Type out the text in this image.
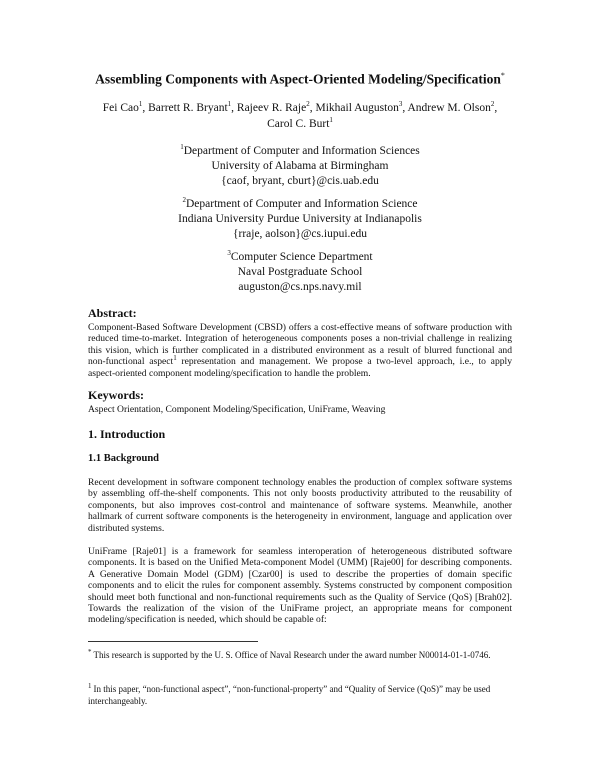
Assembling Components with Aspect-Oriented Modeling/Specification*
Fei Cao$^1$, Barrett R. Bryant$^1$, Rajeev R. Raje$^2$, Mikhail Auguston$^3$, Andrew M. Olson$^2$,
Carol C. Burt$^1$
$^1$Department of Computer and Information Sciences
University of Alabama at Birmingham
{caof, bryant, cburt}@cis.uab.edu
$^2$Department of Computer and Information Science
Indiana University Purdue University at Indianapolis
{rraje, aolson}@cs.iupui.edu
$^3$Computer Science Department
Naval Postgraduate School
auguston@cs.nps.navy.mil
Abstract:
Component-Based Software Development (CBSD) offers a cost-effective means of software production with reduced time-to-market. Integration of heterogeneous components poses a non-trivial challenge in realizing this vision, which is further complicated in a distributed environment as a result of blurred functional and non-functional aspect$^1$ representation and management. We propose a two-level approach, i.e., to apply aspect-oriented component modeling/specification to handle the problem.
Keywords:
Aspect Orientation, Component Modeling/Specification, UniFrame, Weaving
1. Introduction
1.1 Background
Recent development in software component technology enables the production of complex software systems by assembling off-the-shelf components. This not only boosts productivity attributed to the reusability of components, but also improves cost-control and maintenance of software systems. Meanwhile, another hallmark of current software components is the heterogeneity in environment, language and application over distributed systems.
UniFrame [Raje01] is a framework for seamless interoperation of heterogeneous distributed software components. It is based on the Unified Meta-component Model (UMM) [Raje00] for describing components. A Generative Domain Model (GDM) [Czar00] is used to describe the properties of domain specific components and to elicit the rules for component assembly. Systems constructed by component composition should meet both functional and non-functional requirements such as the Quality of Service (QoS) [Brah02]. Towards the realization of the vision of the UniFrame project, an appropriate means for component modeling/specification is needed, which should be capable of:
* This research is supported by the U. S. Office of Naval Research under the award number N00014-01-1-0746.
$^1$ In this paper, “non-functional aspect”, “non-functional-property” and “Quality of Service (QoS)” may be used interchangeably.
